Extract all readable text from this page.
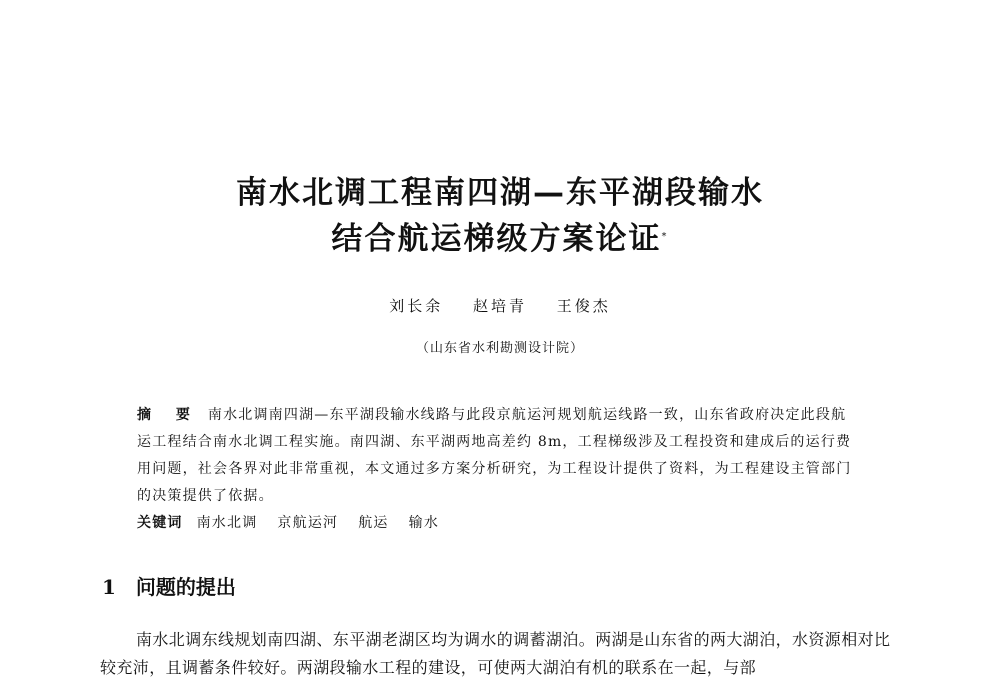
南水北调工程南四湖—东平湖段输水
结合航运梯级方案论证*
刘长余 赵培青 王俊杰
（山东省水利勘测设计院）

摘 要 南水北调南四湖—东平湖段输水线路与此段京航运河规划航运线路一致，山东省政府决定此段航运工程结合南水北调工程实施。南四湖、东平湖两地高差约 8m，工程梯级涉及工程投资和建成后的运行费用问题，社会各界对此非常重视，本文通过多方案分析研究，为工程设计提供了资料，为工程建设主管部门的决策提供了依据。

关键词 南水北调 京航运河 航运 输水

1 问题的提出

南水北调东线规划南四湖、东平湖老湖区均为调水的调蓄湖泊。两湖是山东省的两大湖泊，水资源相对比较充沛，且调蓄条件较好。两湖段输水工程的建设，可使两大湖泊有机的联系在一起，与部
